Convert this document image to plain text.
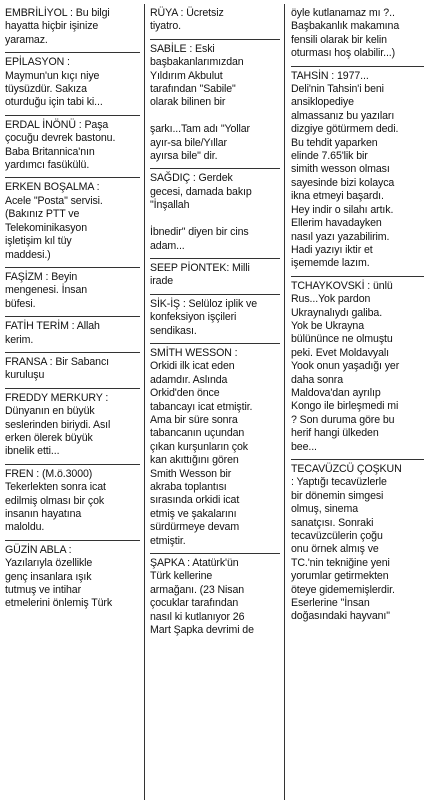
EMBRİLİYOL : Bu bilgi
hayatta hiçbir işinize
yaramaz.
EPİLASYON :
Maymun'un kıçı niye
tüysüzdür. Sakıza
oturduğu için tabi ki...
ERDAL İNÖNÜ : Paşa
çocuğu devrek bastonu.
Baba Britannica'nın
yardımcı fasükülü.
ERKEN BOŞALMA :
Acele "Posta" servisi.
(Bakınız PTT ve
Telekominikasyon
işletişim kıl tüy
maddesi.)
FAŞİZM : Beyin
mengenesi. İnsan
büfesi.
FATİH TERİM : Allah
kerim.
FRANSA : Bir Sabancı
kuruluşu
FREDDY MERKURY :
Dünyanın en büyük
seslerinden biriydi. Asıl
erken ölerek büyük
ibnelik etti...
FREN : (M.ö.3000)
Tekerlekten sonra icat
edilmiş olması bir çok
insanın hayatına
maloldu.
GÜZİN ABLA :
Yazılarıyla özellikle
genç insanlara ışık
tutmuş ve intihar
etmelerini önlemiş Türk
RÜYA : Ücretsiz
tiyatro.
SABİLE : Eski
başbakanlarımızdan
Yıldırım Akbulut
tarafından "Sabile"
olarak bilinen bir

şarkı...Tam adı "Yollar
ayır-sa bile/Yıllar
ayırsa bile" dir.
SAĞDIÇ : Gerdek
gecesi, damada bakıp
"İnşallah

İbnedir" diyen bir cins
adam...
SEEP PİONTEK: Milli
irade
SİK-İŞ : Selüloz iplik ve
konfeksiyon işçileri
sendikası.
SMİTH WESSON :
Orkidi ilk icat eden
adamdır. Aslında
Orkid'den önce
tabancayı icat etmiştir.
Ama bir süre sonra
tabancanın uçundan
çıkan kurşunların çok
kan akıttığını gören
Smith Wesson bir
akraba toplantısı
sırasında orkidi icat
etmiş ve şakalarını
sürdürmeye devam
etmiştir.
ŞAPKA : Atatürk'ün
Türk kellerine
armağanı. (23 Nisan
çocuklar tarafından
nasıl ki kutlanıyor 26
Mart Şapka devrimi de
öyle kutlanamaz mı ?..
Başbakanlık makamına
fensili olarak bir kelin
oturması hoş olabilir...)
TAHSİN : 1977...
Deli'nin Tahsin'i beni
ansiklopediye
almassanız bu yazıları
dizgiye götürmem dedi.
Bu tehdit yaparken
elinde 7.65'lik bir
simith wesson olması
sayesinde bizi kolayca
ikna etmeyi başardı.
Hey indir o silahı artık.
Ellerim havadayken
nasıl yazı yazabilirim.
Hadi yazıyı iktir et
işememde lazım.
TCHAYKOVSKİ : ünlü
Rus...Yok pardon
Ukraynalıydı galiba.
Yok be Ukrayna
bülününce ne olmuştu
peki. Evet Moldavyalı
Yook onun yaşadığı yer
daha sonra
Maldova'dan ayrılıp
Kongo ile birleşmedi mi
? Son duruma göre bu
herif hangi ülkeden
bee...
TECAVÜZCÜ ÇOŞKUN
: Yaptığı tecavüzlerle
bir dönemin simgesi
olmuş, sinema
sanatçısı. Sonraki
tecavüzcülerin çoğu
onu örnek almış ve
TC.'nin tekniğine yeni
yorumlar getirmekten
öteye gidememişlerdir.
Eserlerine "İnsan
doğasındaki hayvanı"
